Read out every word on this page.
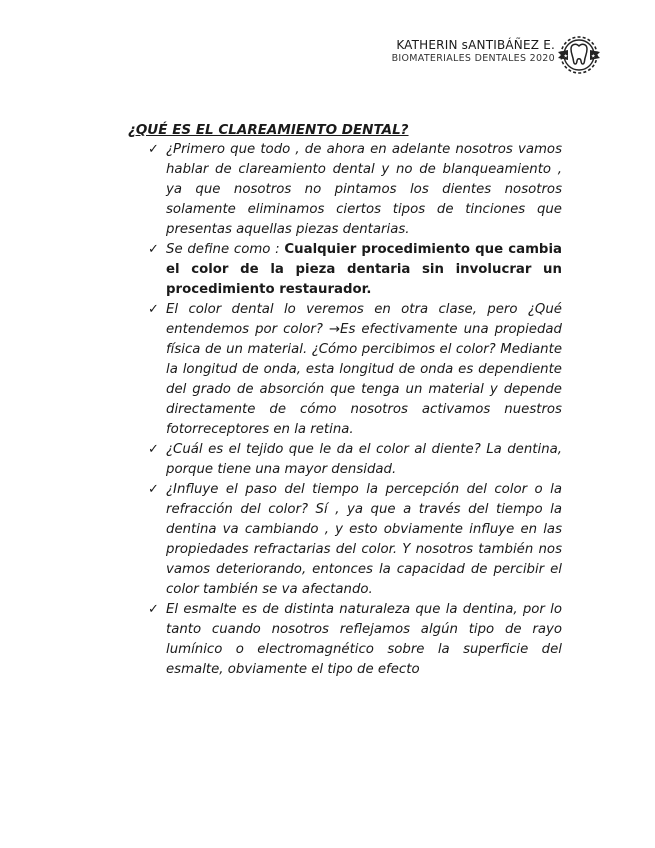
KATHERIN sANTIBÁÑEZ E.
BIOMATERIALES DENTALES 2020 ★	★
¿QUÉ ES EL CLAREAMIENTO DENTAL?
✓ ¿Primero que todo , de ahora en adelante nosotros vamos hablar de clareamiento dental y no de blanqueamiento , ya que nosotros no pintamos los dientes nosotros solamente eliminamos ciertos tipos de tinciones que presentas aquellas piezas dentarias.
✓ Se define como : Cualquier procedimiento que cambia el color de la pieza dentaria sin involucrar un procedimiento restaurador.
✓ El color dental lo veremos en otra clase, pero ¿Qué entendemos por color? →Es efectivamente una propiedad física de un material. ¿Cómo percibimos el color? Mediante la longitud de onda, esta longitud de onda es dependiente del grado de absorción que tenga un material y depende directamente de cómo nosotros activamos nuestros fotorreceptores en la retina.
✓ ¿Cuál es el tejido que le da el color al diente? La dentina, porque tiene una mayor densidad.
✓ ¿Influye el paso del tiempo la percepción del color o la refracción del color? Sí , ya que a través del tiempo la dentina va cambiando , y esto obviamente influye en las propiedades refractarias del color. Y nosotros también nos vamos deteriorando, entonces la capacidad de percibir el color también se va afectando.
✓ El esmalte es de distinta naturaleza que la dentina, por lo tanto cuando nosotros reflejamos algún tipo de rayo lumínico o electromagnético sobre la superficie del esmalte, obviamente el tipo de efecto
